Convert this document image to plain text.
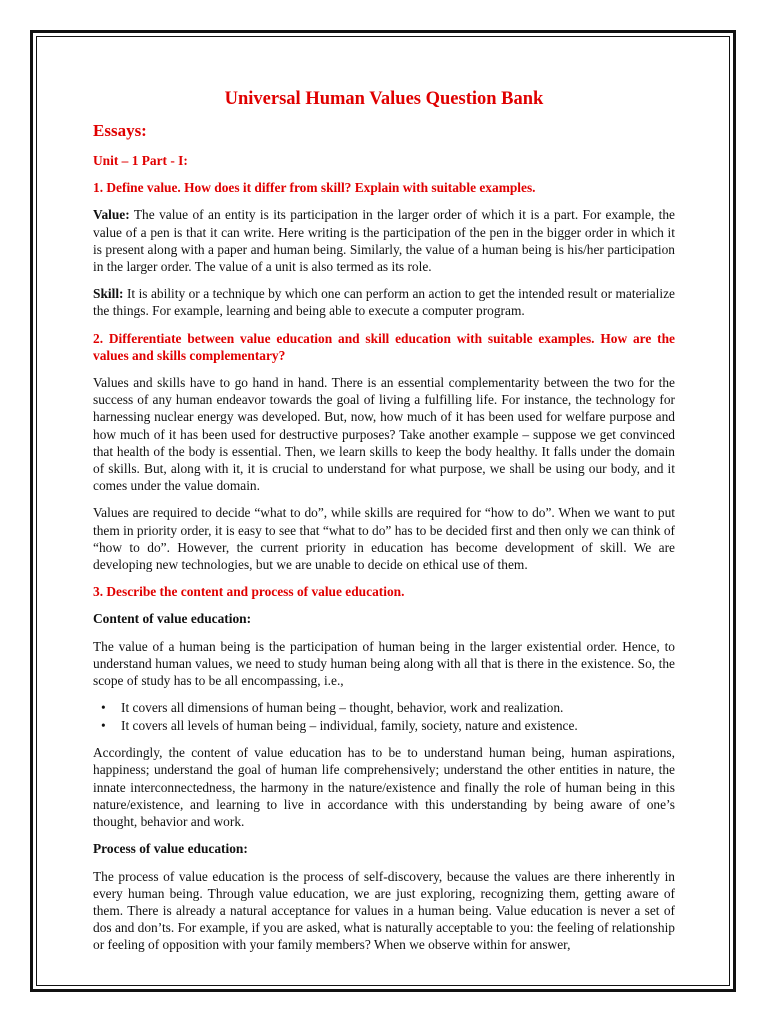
Universal Human Values Question Bank
Essays:
Unit – 1 Part - I:
1. Define value. How does it differ from skill? Explain with suitable examples.

Value: The value of an entity is its participation in the larger order of which it is a part. For example, the value of a pen is that it can write. Here writing is the participation of the pen in the bigger order in which it is present along with a paper and human being. Similarly, the value of a human being is his/her participation in the larger order. The value of a unit is also termed as its role.

Skill: It is ability or a technique by which one can perform an action to get the intended result or materialize the things. For example, learning and being able to execute a computer program.

2. Differentiate between value education and skill education with suitable examples. How are the values and skills complementary?

Values and skills have to go hand in hand. There is an essential complementarity between the two for the success of any human endeavor towards the goal of living a fulfilling life. For instance, the technology for harnessing nuclear energy was developed. But, now, how much of it has been used for welfare purpose and how much of it has been used for destructive purposes? Take another example – suppose we get convinced that health of the body is essential. Then, we learn skills to keep the body healthy. It falls under the domain of skills. But, along with it, it is crucial to understand for what purpose, we shall be using our body, and it comes under the value domain.

Values are required to decide “what to do”, while skills are required for “how to do”. When we want to put them in priority order, it is easy to see that “what to do” has to be decided first and then only we can think of “how to do”. However, the current priority in education has become development of skill. We are developing new technologies, but we are unable to decide on ethical use of them.

3. Describe the content and process of value education.
Content of value education:

The value of a human being is the participation of human being in the larger existential order. Hence, to understand human values, we need to study human being along with all that is there in the existence. So, the scope of study has to be all encompassing, i.e.,

• It covers all dimensions of human being – thought, behavior, work and realization.
• It covers all levels of human being – individual, family, society, nature and existence.

Accordingly, the content of value education has to be to understand human being, human aspirations, happiness; understand the goal of human life comprehensively; understand the other entities in nature, the innate interconnectedness, the harmony in the nature/existence and finally the role of human being in this nature/existence, and learning to live in accordance with this understanding by being aware of one’s thought, behavior and work.

Process of value education:

The process of value education is the process of self-discovery, because the values are there inherently in every human being. Through value education, we are just exploring, recognizing them, getting aware of them. There is already a natural acceptance for values in a human being. Value education is never a set of dos and don’ts. For example, if you are asked, what is naturally acceptable to you: the feeling of relationship or feeling of opposition with your family members? When we observe within for answer,
